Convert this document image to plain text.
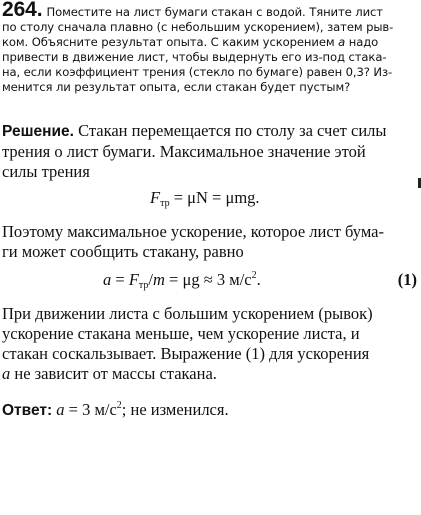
264. Поместите на лист бумаги стакан с водой. Тяните лист
по столу сначала плавно (с небольшим ускорением), затем рыв-
ком. Объясните результат опыта. С каким ускорением a надо
привести в движение лист, чтобы выдернуть его из-под стака-
на, если коэффициент трения (стекло по бумаге) равен 0,3? Из-
менится ли результат опыта, если стакан будет пустым?
Решение. Стакан перемещается по столу за счет силы
трения о лист бумаги. Максимальное значение этой
силы трения
$F_{тр} = \mu N = \mu mg$.
Поэтому максимальное ускорение, которое лист бума-
ги может сообщить стакану, равно
$a = F_{тр}/m = \mu g \approx 3$ $м/с^2$.	(1)
При движении листа с большим ускорением (рывок)
ускорение стакана меньше, чем ускорение листа, и
стакан соскальзывает. Выражение (1) для ускорения
a не зависит от массы стакана.
Ответ: a = 3 $м/с^2$; не изменился.
